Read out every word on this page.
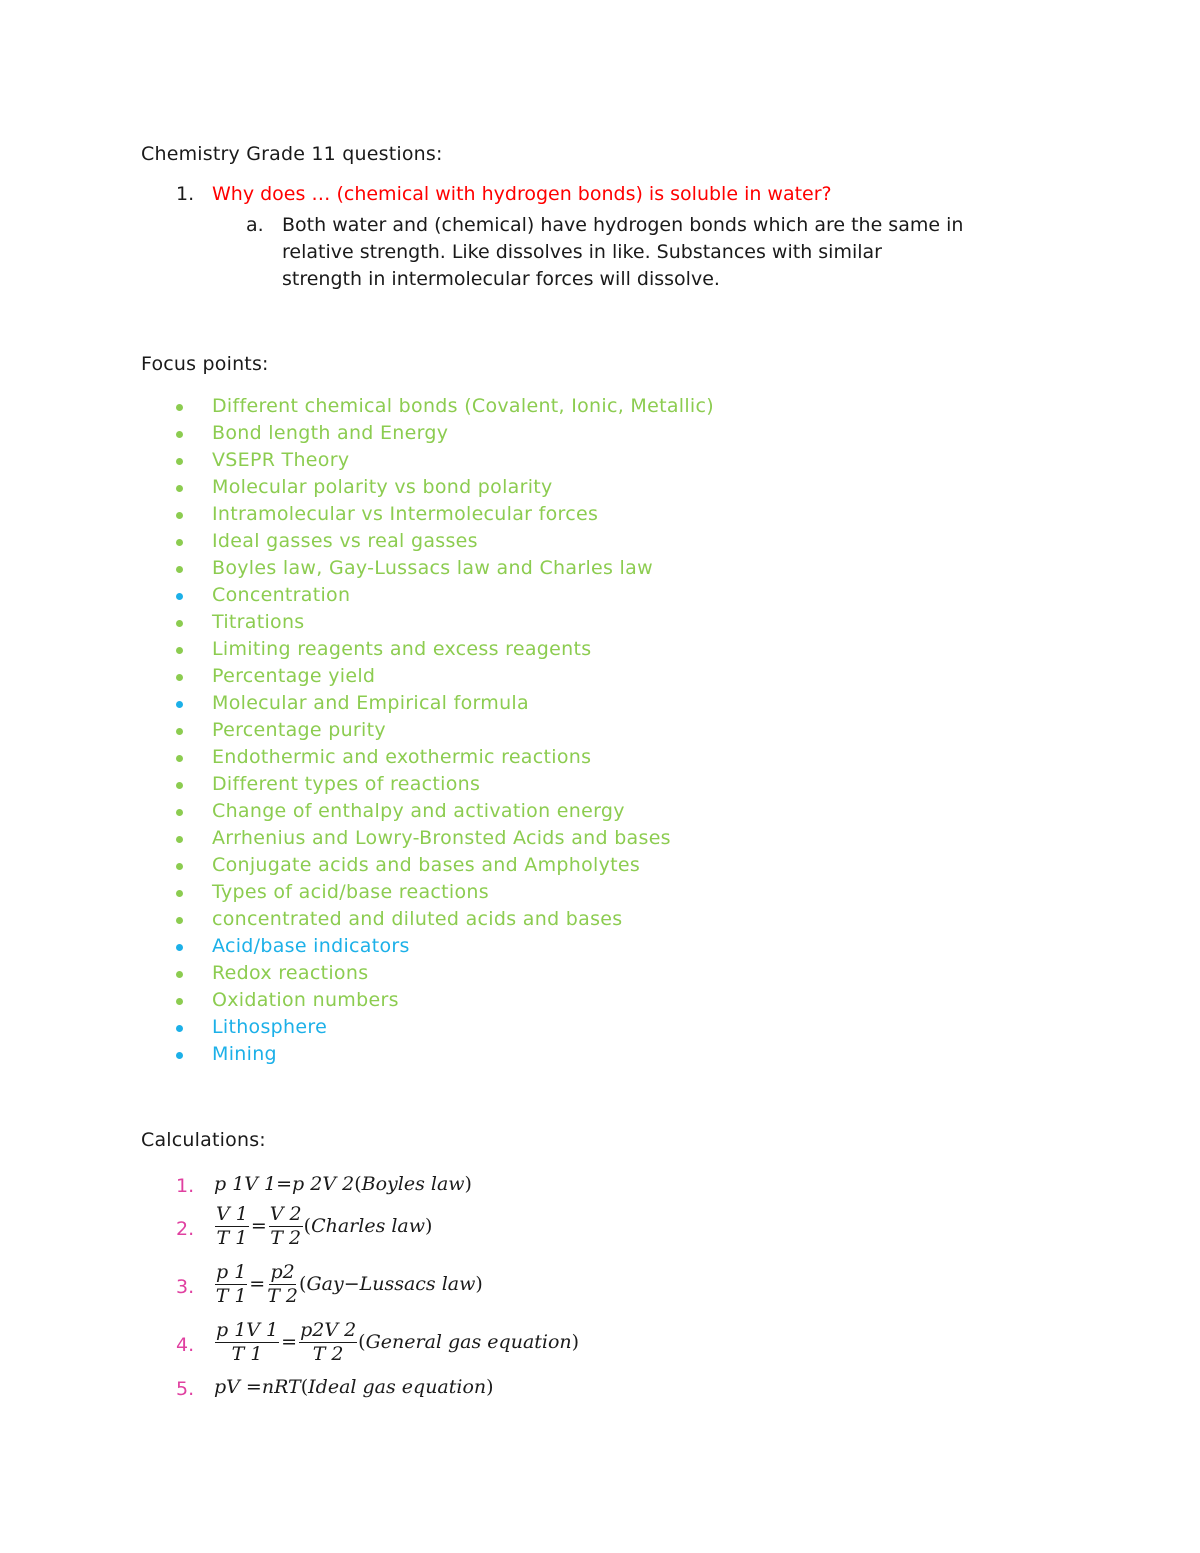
Chemistry Grade 11 questions:
1. Why does … (chemical with hydrogen bonds) is soluble in water?
a. Both water and (chemical) have hydrogen bonds which are the same in
relative strength. Like dissolves in like. Substances with similar
strength in intermolecular forces will dissolve.
Focus points:
Different chemical bonds (Covalent, Ionic, Metallic)
Bond length and Energy
VSEPR Theory
Molecular polarity vs bond polarity
Intramolecular vs Intermolecular forces
Ideal gasses vs real gasses
Boyles law, Gay-Lussacs law and Charles law
Concentration
Titrations
Limiting reagents and excess reagents
Percentage yield
Molecular and Empirical formula
Percentage purity
Endothermic and exothermic reactions
Different types of reactions
Change of enthalpy and activation energy
Arrhenius and Lowry-Bronsted Acids and bases
Conjugate acids and bases and Ampholytes
Types of acid/base reactions
concentrated and diluted acids and bases
Acid/base indicators
Redox reactions
Oxidation numbers
Lithosphere
Mining
Calculations:
1. p 1V 1=p 2V 2 ( Boyles law )
2. $\frac{V 1}{T 1} = \frac{V 2}{T 2}$ ( Charles law )
3. $\frac{p 1}{T 1} = \frac{p2}{T 2}$ ( Gay−Lussacs law )
4. $\frac{p 1V 1}{T 1} = \frac{p2V 2}{T 2}$ ( General gas equation )
5. pV =nRT ( Ideal gas equation )
